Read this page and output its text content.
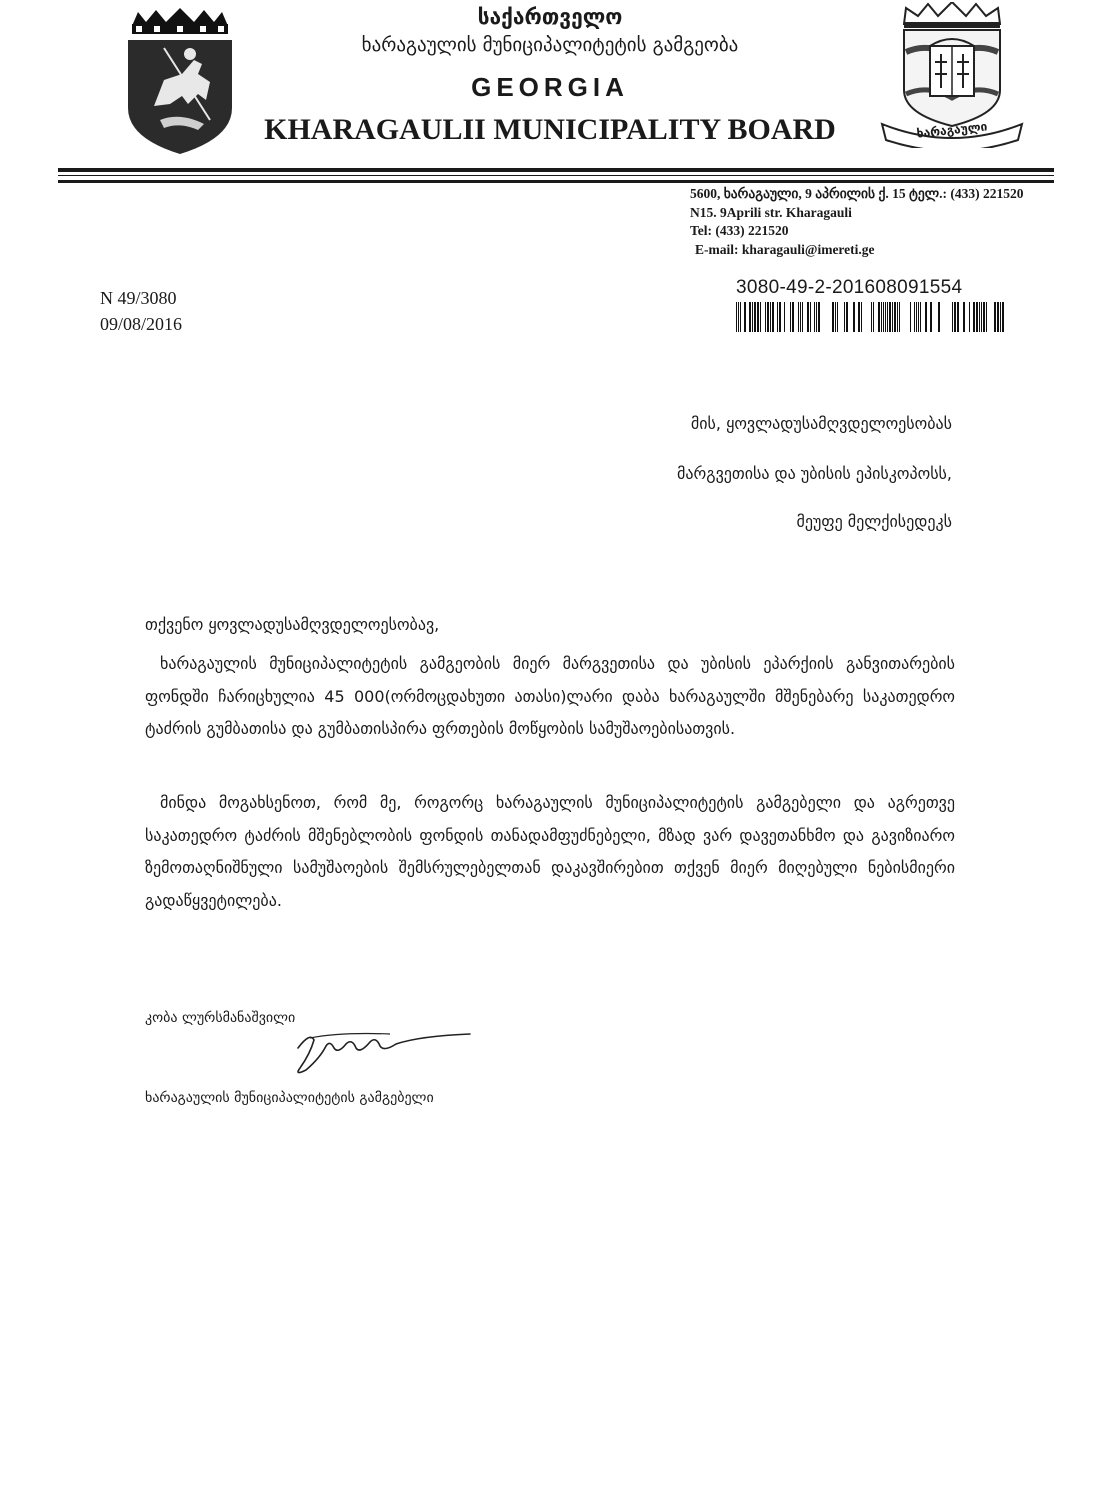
ხარაგაული
საქართველო
ხარაგაულის მუნიციპალიტეტის გამგეობა
GEORGIA
KHARAGAULII MUNICIPALITY BOARD
5600, ხარაგაული, 9 აპრილის ქ. 15 ტელ.: (433) 221520
N15. 9Aprili str. Kharagauli
Tel: (433) 221520
E-mail: kharagauli@imereti.ge
N 49/3080
09/08/2016
3080-49-2-201608091554
მის, ყოვლადუსამღვდელოესობას
მარგვეთისა და უბისის ეპისკოპოსს,
მეუფე მელქისედეკს
თქვენო ყოვლადუსამღვდელოესობავ,
ხარაგაულის მუნიციპალიტეტის გამგეობის მიერ მარგვეთისა და უბისის ეპარქიის განვითარების ფონდში ჩარიცხულია 45 000(ორმოცდახუთი ათასი)ლარი დაბა ხარაგაულში მშენებარე საკათედრო ტაძრის გუმბათისა და გუმბათისპირა ფრთების მოწყობის სამუშაოებისათვის.
მინდა მოგახსენოთ, რომ მე, როგორც ხარაგაულის მუნიციპალიტეტის გამგებელი და აგრეთვე საკათედრო ტაძრის მშენებლობის ფონდის თანადამფუძნებელი, მზად ვარ დავეთანხმო და გავიზიარო ზემოთაღნიშნული სამუშაოების შემსრულებელთან დაკავშირებით თქვენ მიერ მიღებული ნებისმიერი გადაწყვეტილება.
კობა ლურსმანაშვილი
ხარაგაულის მუნიციპალიტეტის გამგებელი
